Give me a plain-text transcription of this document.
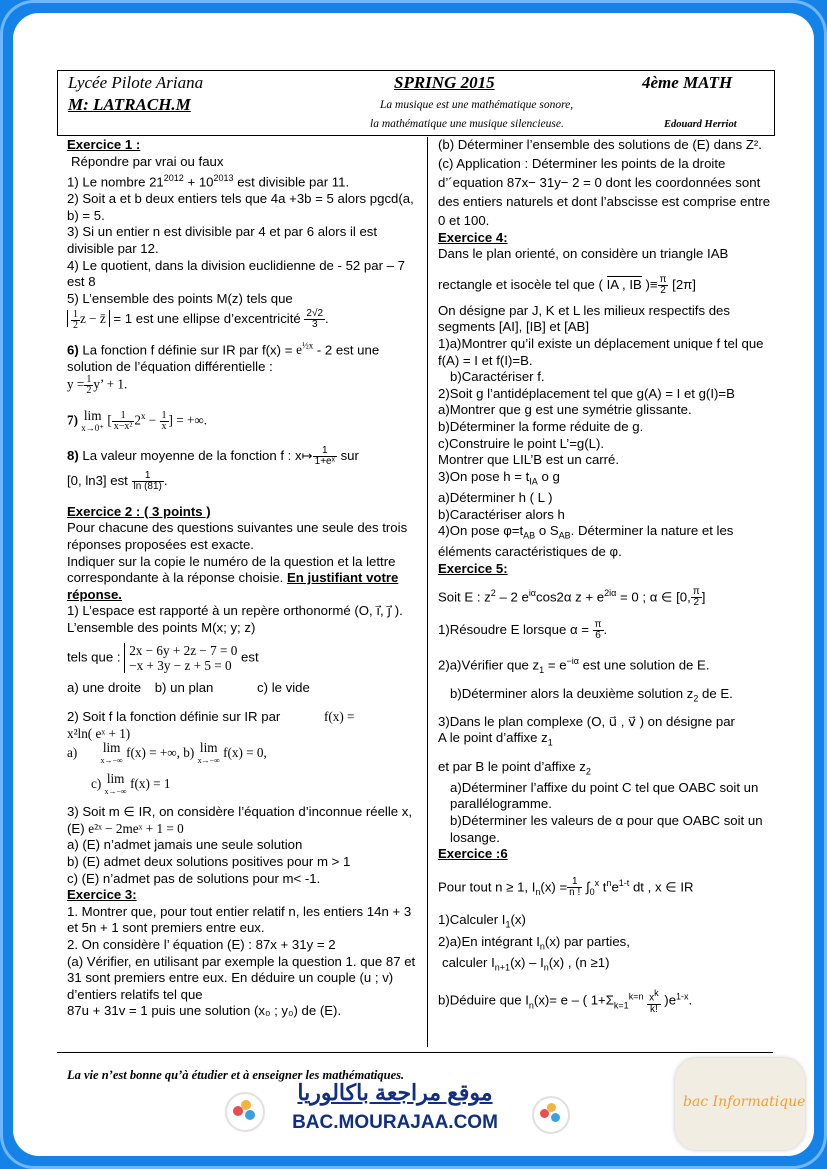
Lycée Pilote Ariana
M: LATRACH.M
SPRING 2015	4ème MATH
La musique est une mathématique sonore,
la mathématique une musique silencieuse.	Edouard Herriot

Exercice 1 :

Répondre par vrai ou faux

1) Le nombre $21^{2012} + 10^{2013}$ est divisible par 11.

2) Soit a et b deux entiers tels que 4a +3b = 5 alors pgcd(a, b) = 5.

3) Si un entier n est divisible par 4 et par 6 alors il est divisible par 12.

4) Le quotient, dans la division euclidienne de - 52 par – 7 est 8

5) L’ensemble des points M(z) tels que

$\frac{1}{2}$ z − z̄ = 1 est une ellipse d’excentricité $\frac{2√2}{3}$ .

6) La fonction f définie sur IR par $f(x) = e^{\frac{1}{2}x} - 2$ est une solution de l’équation différentielle :

$y = \frac{1}{2} y$’ + 1.

7) lim
x→0⁺ [ $\frac{1}{\text{x−x²}} 2^x - \frac{1}{x}$ ] = +∞.

8) La valeur moyenne de la fonction f : x↦ $\frac{1}{\text{1+eˣ}}$ sur

[0, ln3] est $\frac{1}{\ln (81)}$ .

Exercice 2 : ( 3 points )

Pour chacune des questions suivantes une seule des trois réponses proposées est exacte.

Indiquer sur la copie le numéro de la question et la lettre correspondante à la réponse choisie. En justifiant votre réponse.

1) L’espace est rapporté à un repère orthonormé (O, ı⃗, j⃗ ). L’ensemble des points M(x; y; z)

tels que : 2x − 6y + 2z − 7 = 0
−x + 3y − z + 5 = 0 est

a) une droite b) un plan	c) le vide

2) Soit f la fonction définie sur IR par	f(x) =

x²ln( eˣ + 1)

a) lim
x→−∞ f(x) = +∞, b) lim
x→−∞ f(x) = 0,

c) lim
x→−∞ f(x) = 1

3) Soit m ∈ IR, on considère l’équation d’inconnue réelle x, (E) e²ˣ − 2meˣ + 1 = 0

a) (E) n’admet jamais une seule solution

b) (E) admet deux solutions positives pour m > 1

c) (E) n’admet pas de solutions pour m< -1.

Exercice 3:

1. Montrer que, pour tout entier relatif n, les entiers 14n + 3 et 5n + 1 sont premiers entre eux.

2. On considère l’ équation (E) : 87x + 31y = 2

(a) Vérifier, en utilisant par exemple la question 1. que 87 et 31 sont premiers entre eux. En déduire un couple (u ; v) d’entiers relatifs tel que

87u + 31v = 1 puis une solution (x₀ ; y₀) de (E).

(b) Déterminer l’ensemble des solutions de (E) dans Z².

(c) Application : Déterminer les points de la droite d’´equation 87x− 31y− 2 = 0 dont les coordonnées sont des entiers naturels et dont l’abscisse est comprise entre 0 et 100.

Exercice 4:

Dans le plan orienté, on considère un triangle IAB

rectangle et isocèle tel que ( IA , IB )≡ $\frac{\pi}{2} [2\pi]$

On désigne par J, K et L les milieux respectifs des segments [AI], [IB] et [AB]

1)a)Montrer qu’il existe un déplacement unique f tel que f(A) = I et f(I)=B.

b)Caractériser f.

2)Soit g l’antidéplacement tel que g(A) = I et g(I)=B

a)Montrer que g est une symétrie glissante.

b)Déterminer la forme réduite de g.

c)Construire le point L’=g(L).

Montrer que LIL’B est un carré.

3)On pose $h = t_{IA}$ o g

a)Déterminer h ( L )

b)Caractériser alors h

4)On pose $\varphi=t_{AB}$ o $S_{AB}$. Déterminer la nature et les éléments caractéristiques de φ.

Exercice 5:

Soit E : $z^2 - 2$ $e^{i\alpha}\cos 2\alpha$ $z + e^{2i\alpha} = 0$ ; α ∈ [0, $\frac{\pi}{2}$ ]

1)Résoudre E lorsque $\alpha = \frac{\pi}{6}$ .

2)a)Vérifier que $z_1 = e^{-i\alpha}$ est une solution de E.

b)Déterminer alors la deuxième solution $z_2$ de E.

3)Dans le plan complexe (O, u⃗ , v⃗ ) on désigne par

A le point d’affixe $z_1$

et par B le point d’affixe $z_2$

a)Déterminer l’affixe du point C tel que OABC soit un parallélogramme.

b)Déterminer les valeurs de α pour que OABC soit un losange.

Exercice :6

Pour tout n ≥ 1, $I_n(x) = \frac{1}{n !} \int_0^x$ $t^ne^{1-t}$ dt , x ∈ IR

1)Calculer $I_1(x)$

2)a)En intégrant $I_n(x)$ par parties,

calculer $I_{n+1}(x) - I_n(x)$ , (n ≥1)

b)Déduire que $I_n(x)= e$ – ( $1+\Sigma_{k=1}^{k=n} \frac{x^k}{k!} )e^{1-x}$.

La vie n’est bonne qu’à étudier et à enseigner les mathématiques.
موقع مراجعة باكالوريا
BAC.MOURAJAA.COM
bac Informatique
